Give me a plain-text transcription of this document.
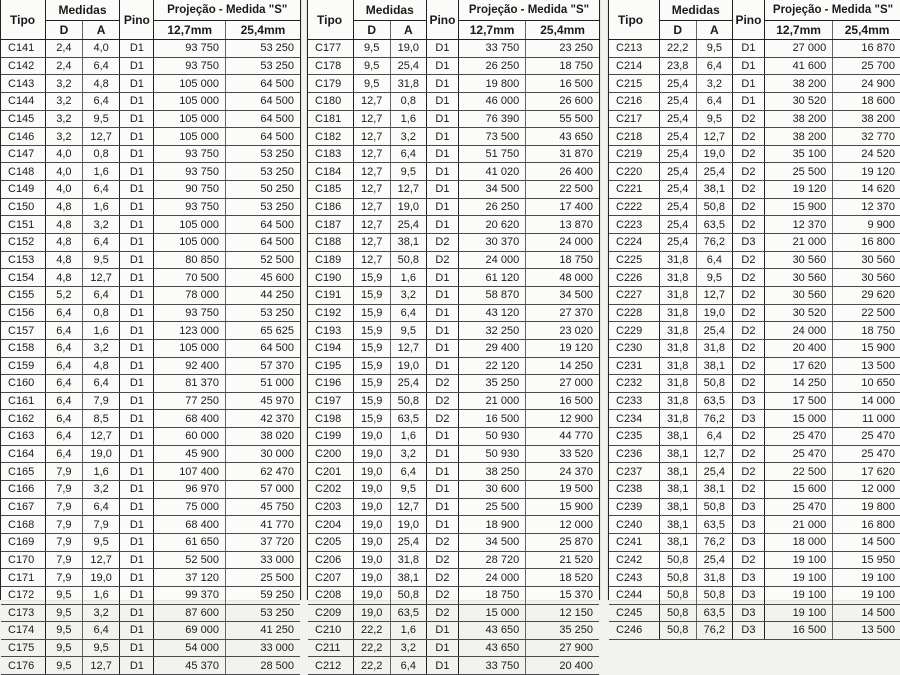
Tipo	Medidas		Pino	Projeção - Medida "S"	
	D	A		12,7mm	25,4mm
C141	2,4	4,0	D1	93 750	53 250
C142	2,4	6,4	D1	93 750	53 250
C143	3,2	4,8	D1	105 000	64 500
C144	3,2	6,4	D1	105 000	64 500
C145	3,2	9,5	D1	105 000	64 500
C146	3,2	12,7	D1	105 000	64 500
C147	4,0	0,8	D1	93 750	53 250
C148	4,0	1,6	D1	93 750	53 250
C149	4,0	6,4	D1	90 750	50 250
C150	4,8	1,6	D1	93 750	53 250
C151	4,8	3,2	D1	105 000	64 500
C152	4,8	6,4	D1	105 000	64 500
C153	4,8	9,5	D1	80 850	52 500
C154	4,8	12,7	D1	70 500	45 600
C155	5,2	6,4	D1	78 000	44 250
C156	6,4	0,8	D1	93 750	53 250
C157	6,4	1,6	D1	123 000	65 625
C158	6,4	3,2	D1	105 000	64 500
C159	6,4	4,8	D1	92 400	57 370
C160	6,4	6,4	D1	81 370	51 000
C161	6,4	7,9	D1	77 250	45 970
C162	6,4	8,5	D1	68 400	42 370
C163	6,4	12,7	D1	60 000	38 020
C164	6,4	19,0	D1	45 900	30 000
C165	7,9	1,6	D1	107 400	62 470
C166	7,9	3,2	D1	96 970	57 000
C167	7,9	6,4	D1	75 000	45 750
C168	7,9	7,9	D1	68 400	41 770
C169	7,9	9,5	D1	61 650	37 720
C170	7,9	12,7	D1	52 500	33 000
C171	7,9	19,0	D1	37 120	25 500
C172	9,5	1,6	D1	99 370	59 250
C173	9,5	3,2	D1	87 600	53 250
C174	9,5	6,4	D1	69 000	41 250
C175	9,5	9,5	D1	54 000	33 000
C176	9,5	12,7	D1	45 370	28 500
Tipo	Medidas		Pino	Projeção - Medida "S"	
	D	A		12,7mm	25,4mm
C177	9,5	19,0	D1	33 750	23 250
C178	9,5	25,4	D1	26 250	18 750
C179	9,5	31,8	D1	19 800	16 500
C180	12,7	0,8	D1	46 000	26 600
C181	12,7	1,6	D1	76 390	55 500
C182	12,7	3,2	D1	73 500	43 650
C183	12,7	6,4	D1	51 750	31 870
C184	12,7	9,5	D1	41 020	26 400
C185	12,7	12,7	D1	34 500	22 500
C186	12,7	19,0	D1	26 250	17 400
C187	12,7	25,4	D1	20 620	13 870
C188	12,7	38,1	D2	30 370	24 000
C189	12,7	50,8	D2	24 000	18 750
C190	15,9	1,6	D1	61 120	48 000
C191	15,9	3,2	D1	58 870	34 500
C192	15,9	6,4	D1	43 120	27 370
C193	15,9	9,5	D1	32 250	23 020
C194	15,9	12,7	D1	29 400	19 120
C195	15,9	19,0	D1	22 120	14 250
C196	15,9	25,4	D2	35 250	27 000
C197	15,9	50,8	D2	21 000	16 500
C198	15,9	63,5	D2	16 500	12 900
C199	19,0	1,6	D1	50 930	44 770
C200	19,0	3,2	D1	50 930	33 520
C201	19,0	6,4	D1	38 250	24 370
C202	19,0	9,5	D1	30 600	19 500
C203	19,0	12,7	D1	25 500	15 900
C204	19,0	19,0	D1	18 900	12 000
C205	19,0	25,4	D2	34 500	25 870
C206	19,0	31,8	D2	28 720	21 520
C207	19,0	38,1	D2	24 000	18 520
C208	19,0	50,8	D2	18 750	15 370
C209	19,0	63,5	D2	15 000	12 150
C210	22,2	1,6	D1	43 650	35 250
C211	22,2	3,2	D1	43 650	27 900
C212	22,2	6,4	D1	33 750	20 400
Tipo	Medidas		Pino	Projeção - Medida "S"	
	D	A		12,7mm	25,4mm
C213	22,2	9,5	D1	27 000	16 870
C214	23,8	6,4	D1	41 600	25 700
C215	25,4	3,2	D1	38 200	24 900
C216	25,4	6,4	D1	30 520	18 600
C217	25,4	9,5	D2	38 200	38 200
C218	25,4	12,7	D2	38 200	32 770
C219	25,4	19,0	D2	35 100	24 520
C220	25,4	25,4	D2	25 500	19 120
C221	25,4	38,1	D2	19 120	14 620
C222	25,4	50,8	D2	15 900	12 370
C223	25,4	63,5	D2	12 370	9 900
C224	25,4	76,2	D3	21 000	16 800
C225	31,8	6,4	D2	30 560	30 560
C226	31,8	9,5	D2	30 560	30 560
C227	31,8	12,7	D2	30 560	29 620
C228	31,8	19,0	D2	30 520	22 500
C229	31,8	25,4	D2	24 000	18 750
C230	31,8	31,8	D2	20 400	15 900
C231	31,8	38,1	D2	17 620	13 500
C232	31,8	50,8	D2	14 250	10 650
C233	31,8	63,5	D3	17 500	14 000
C234	31,8	76,2	D3	15 000	11 000
C235	38,1	6,4	D2	25 470	25 470
C236	38,1	12,7	D2	25 470	25 470
C237	38,1	25,4	D2	22 500	17 620
C238	38,1	38,1	D2	15 600	12 000
C239	38,1	50,8	D3	25 470	19 800
C240	38,1	63,5	D3	21 000	16 800
C241	38,1	76,2	D3	18 000	14 500
C242	50,8	25,4	D2	19 100	15 950
C243	50,8	31,8	D3	19 100	19 100
C244	50,8	50,8	D3	19 100	19 100
C245	50,8	63,5	D3	19 100	14 500
C246	50,8	76,2	D3	16 500	13 500
